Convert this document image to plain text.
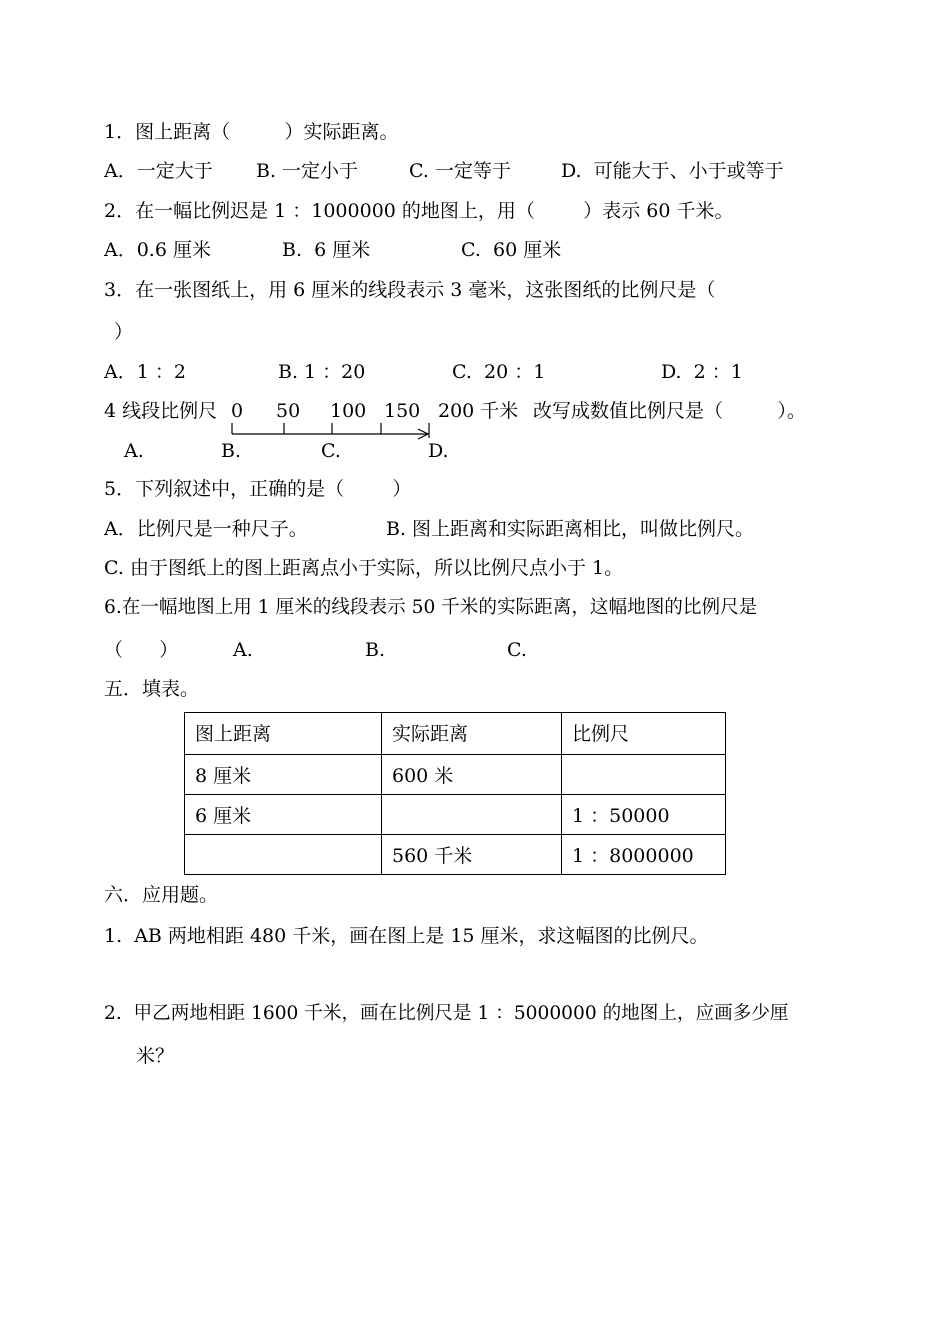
1．图上距离（         ）实际距离。
A．一定大于 B. 一定小于	C. 一定等于	D.  可能大于、小于或等于
2．在一幅比例迟是 1 ：1000000 的地图上，用（        ）表示 60 千米。
A．0.6 厘米	B.  6 厘米	C.  60 厘米
3．在一张图纸上，用 6 厘米的线段表示 3 毫米，这张图纸的比例尺是（
）
A．1 ：2	B. 1 ：20	C.  20 ：1	D.  2 ：1
4 线段比例尺 0 50 100 150 200 千米 改写成数值比例尺是（         ）。
A.	B.	C.	D.
5．下列叙述中，正确的是（        ）
A．比例尺是一种尺子。	B. 图上距离和实际距离相比，叫做比例尺。
C. 由于图纸上的图上距离点小于实际，所以比例尺点小于 1。
6.在一幅地图上用 1 厘米的线段表示 50 千米的实际距离，这幅地图的比例尺是
（      ）	A.	B.	C.
五．填表。
图上距离	实际距离	比例尺
8 厘米	600 米	
6 厘米		1 ：50000
	560 千米	1 ：8000000
六．应用题。
1.  AB 两地相距 480 千米，画在图上是 15 厘米，求这幅图的比例尺。
2.  甲乙两地相距 1600 千米，画在比例尺是 1 ：5000000 的地图上，应画多少厘
米？
